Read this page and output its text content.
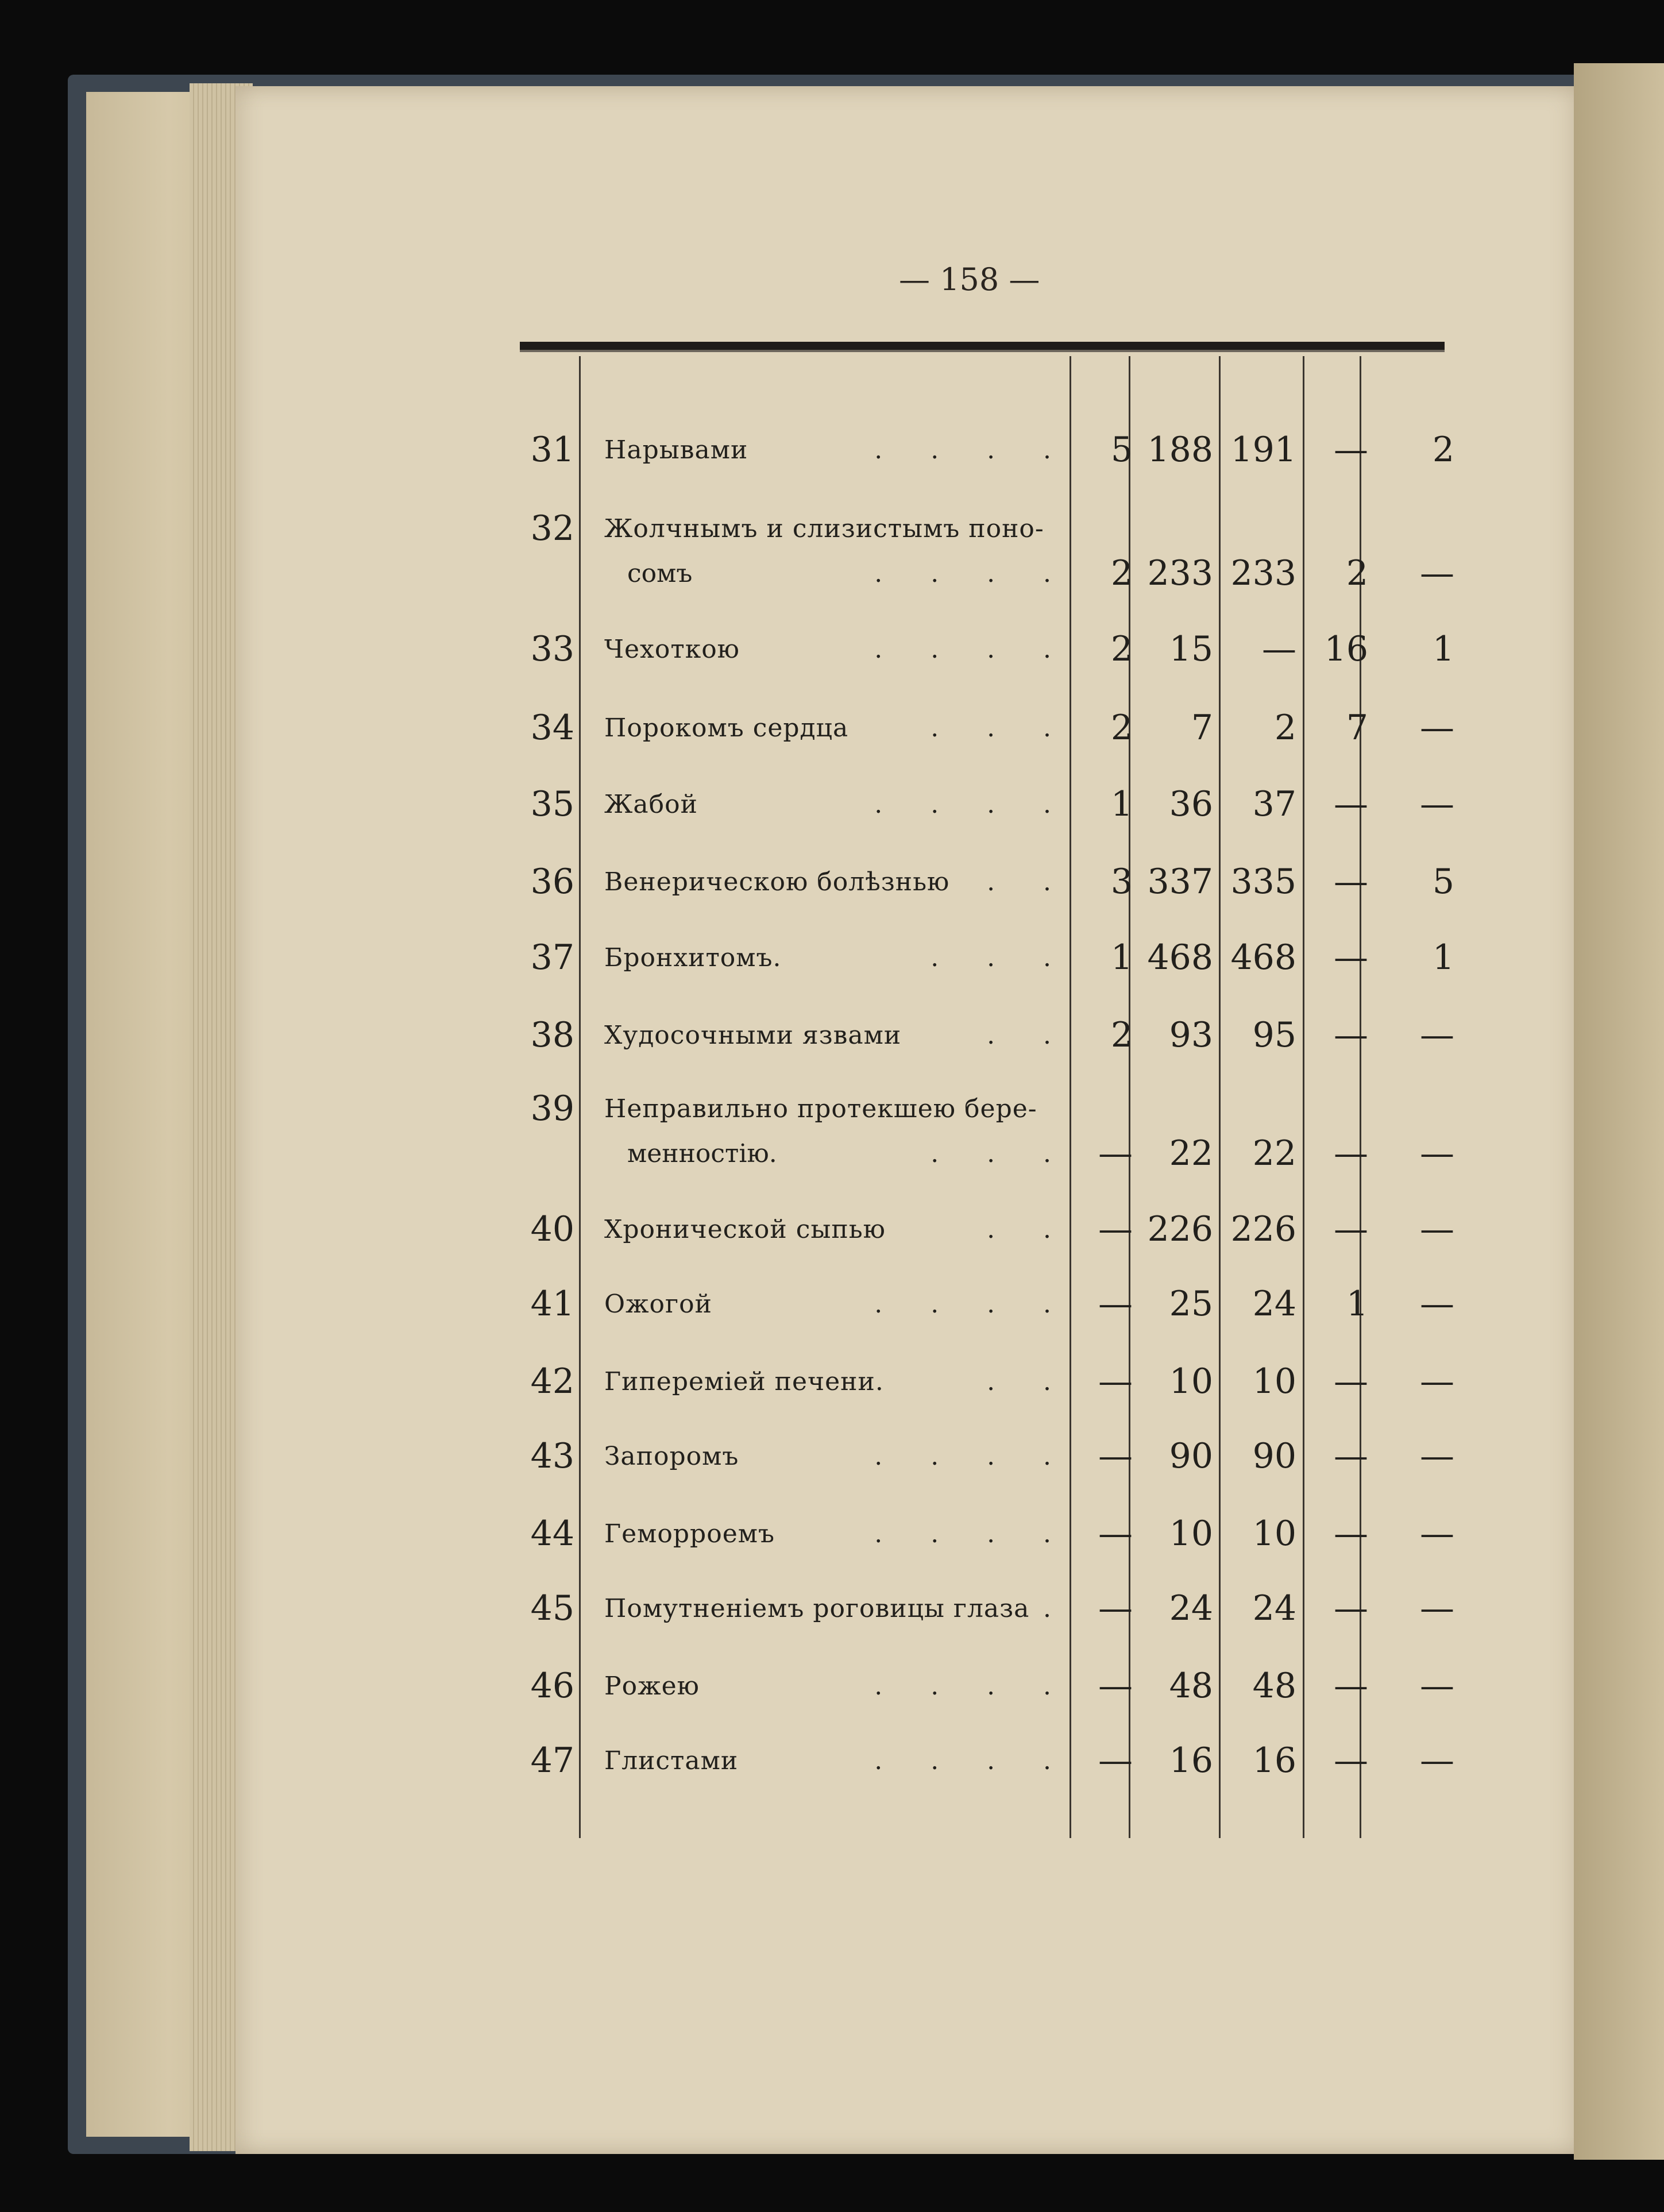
— 158 —
31 Нарывами	.      .      .      .	5 188 191	—	2
32 Жолчнымъ и слизистымъ поно-
сомъ	.      .      .      .	2 233 233	2	—
33 Чехоткою	.      .      .      .	2	15	— 16	1
34 Порокомъ сердца	.      .      .	2	7	2	7	—
35 Жабой	.      .      .      .	1	36	37	—	—
36 Венерическою болѣзнью .      .	3 337 335	—	5
37 Бронхитомъ.	.      .      .	1 468 468	—	1
38 Худосочными язвами	.      .	2	93	95	—	—
39 Неправильно протекшею бере-
менностію.	.      .      .	—	22	22	—	—
40 Хронической сыпью	.      .	— 226 226	—	—
41 Ожогой	.      .      .      .	—	25	24	1	—
42 Гипереміей печени.	.      .	—	10	10	—	—
43 Запоромъ	.      .      .      .	—	90	90	—	—
44 Геморроемъ	.      .      .      .	—	10	10	—	—
45 Помутненіемъ роговицы глаза .	—	24	24	—	—
46 Рожею	.      .      .      .	—	48	48	—	—
47 Глистами	.      .      .      .	—	16	16	—	—
